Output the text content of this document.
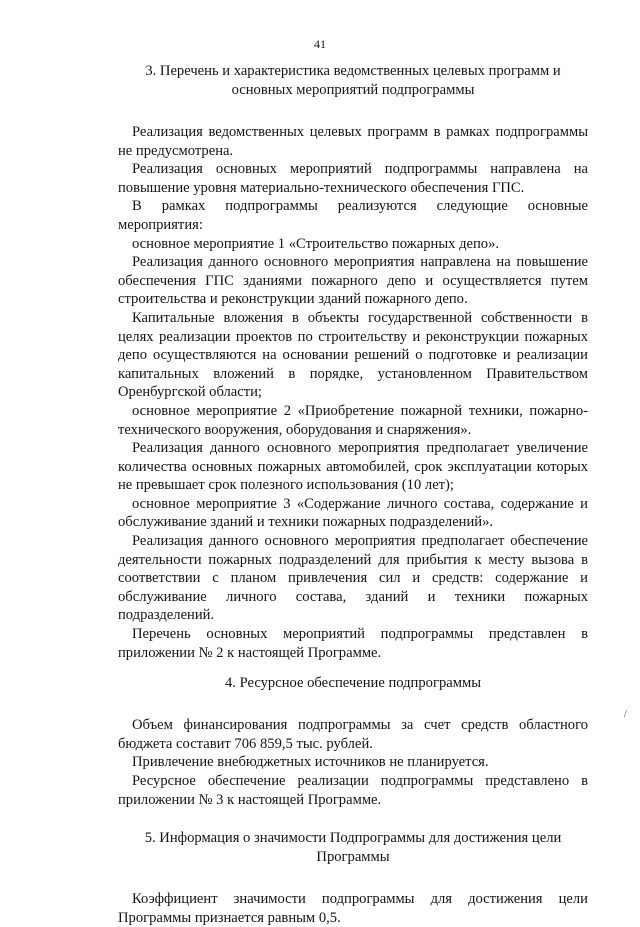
41

3. Перечень и характеристика ведомственных целевых программ и основных мероприятий подпрограммы

Реализация ведомственных целевых программ в рамках подпрограммы не предусмотрена.

Реализация основных мероприятий подпрограммы направлена на повышение уровня материально-технического обеспечения ГПС.

В рамках подпрограммы реализуются следующие основные мероприятия:

основное мероприятие 1 «Строительство пожарных депо».

Реализация данного основного мероприятия направлена на повышение обеспечения ГПС зданиями пожарного депо и осуществляется путем строительства и реконструкции зданий пожарного депо.

Капитальные вложения в объекты государственной собственности в целях реализации проектов по строительству и реконструкции пожарных депо осуществляются на основании решений о подготовке и реализации капитальных вложений в порядке, установленном Правительством Оренбургской области;

основное мероприятие 2 «Приобретение пожарной техники, пожарно-технического вооружения, оборудования и снаряжения».

Реализация данного основного мероприятия предполагает увеличение количества основных пожарных автомобилей, срок эксплуатации которых не превышает срок полезного использования (10 лет);

основное мероприятие 3 «Содержание личного состава, содержание и обслуживание зданий и техники пожарных подразделений».

Реализация данного основного мероприятия предполагает обеспечение деятельности пожарных подразделений для прибытия к месту вызова в соответствии с планом привлечения сил и средств: содержание и обслуживание личного состава, зданий и техники пожарных подразделений.

Перечень основных мероприятий подпрограммы представлен в приложении № 2 к настоящей Программе.

4. Ресурсное обеспечение подпрограммы

Объем финансирования подпрограммы за счет средств областного бюджета составит 706 859,5 тыс. рублей.

Привлечение внебюджетных источников не планируется.

Ресурсное обеспечение реализации подпрограммы представлено в приложении № 3 к настоящей Программе.

5. Информация о значимости Подпрограммы для достижения цели Программы

Коэффициент значимости подпрограммы для достижения цели Программы признается равным 0,5.

/
